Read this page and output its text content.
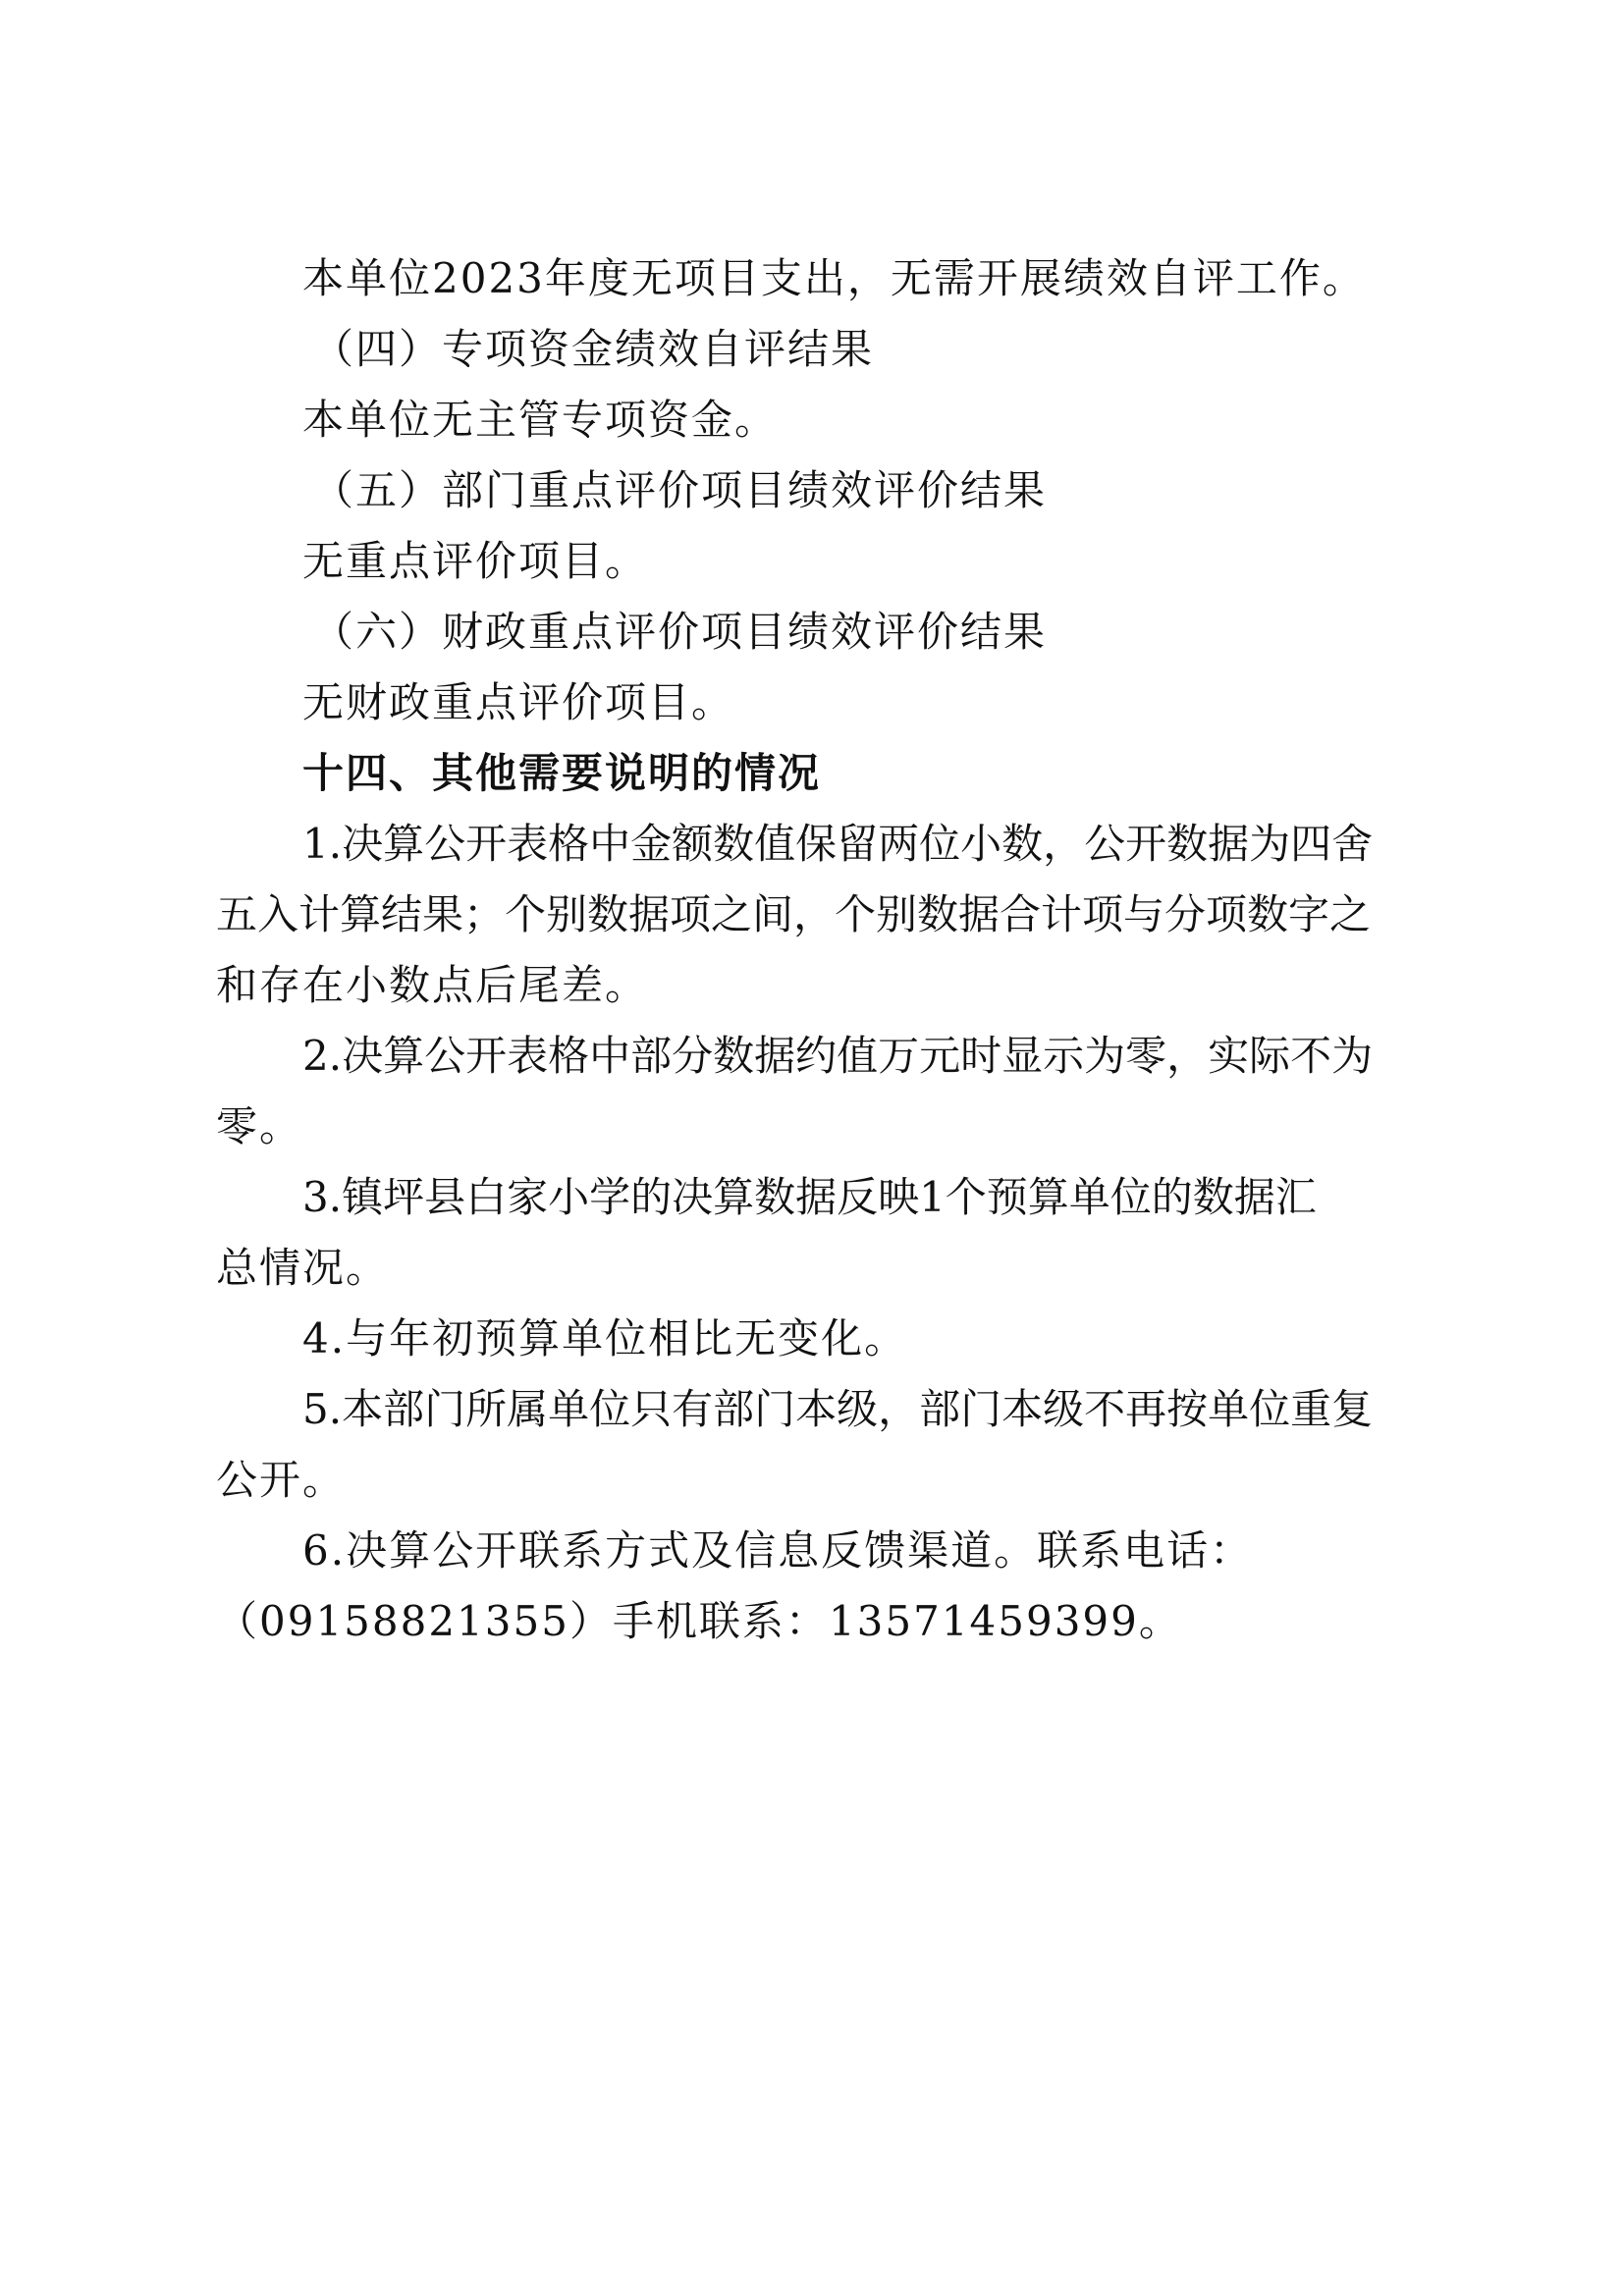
本单位2023年度无项目支出，无需开展绩效自评工作。
（四）专项资金绩效自评结果
本单位无主管专项资金。
（五）部门重点评价项目绩效评价结果
无重点评价项目。
（六）财政重点评价项目绩效评价结果
无财政重点评价项目。
十四、其他需要说明的情况
1.决算公开表格中金额数值保留两位小数，公开数据为四舍
五入计算结果；个别数据项之间，个别数据合计项与分项数字之
和存在小数点后尾差。
2.决算公开表格中部分数据约值万元时显示为零，实际不为
零。
3.镇坪县白家小学的决算数据反映1个预算单位的数据汇
总情况。
4.与年初预算单位相比无变化。
5.本部门所属单位只有部门本级，部门本级不再按单位重复
公开。
6.决算公开联系方式及信息反馈渠道。联系电话：
（09158821355）手机联系：13571459399。
